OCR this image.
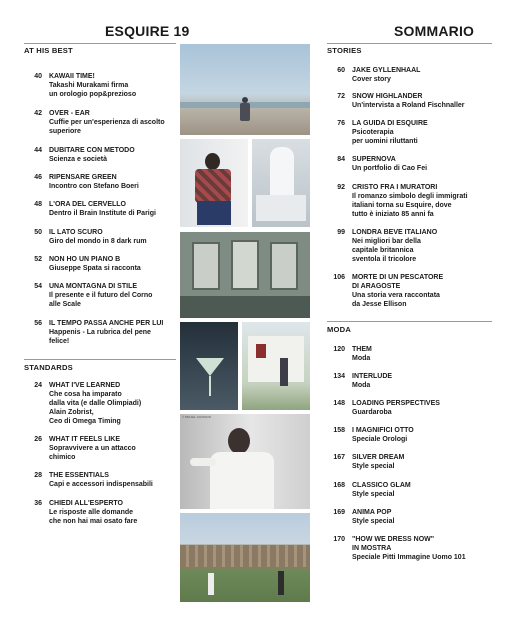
ESQUIRE 19	SOMMARIO
AT HIS BEST
40	KAWAII TIME!
Takashi Murakami firma
un orologio pop&prezioso
42	OVER - EAR
Cuffie per un'esperienza di ascolto
superiore
44	DUBITARE CON METODO
Scienza e società
46	RIPENSARE GREEN
Incontro con Stefano Boeri
48	L'ORA DEL CERVELLO
Dentro il Brain Institute di Parigi
50	IL LATO SCURO
Giro del mondo in 8 dark rum
52	NON HO UN PIANO B
Giuseppe Spata si racconta
54	UNA MONTAGNA DI STILE
Il presente e il futuro del Corno
alle Scale
56	IL TEMPO PASSA ANCHE PER LUI
Happenis - La rubrica del pene
felice!
STANDARDS
24	WHAT I'VE LEARNED
Che cosa ha imparato
dalla vita (e dalle Olimpiadi)
Alain Zobrist,
Ceo di Omega Timing
26	WHAT IT FEELS LIKE
Sopravvivere a un attacco
chimico
28	THE ESSENTIALS
Capi e accessori indispensabili
36	CHIEDI ALL'ESPERTO
Le risposte alle domande
che non hai mai osato fare
© MIKAEL JANSSON
STORIES
60	JAKE GYLLENHAAL
Cover story
72	SNOW HIGHLANDER
Un'intervista a Roland Fischnaller
76	LA GUIDA DI ESQUIRE
Psicoterapia
per uomini riluttanti
84	SUPERNOVA
Un portfolio di Cao Fei
92	CRISTO FRA I MURATORI
Il romanzo simbolo degli immigrati
italiani torna su Esquire, dove
tutto è iniziato 85 anni fa
99	LONDRA BEVE ITALIANO
Nei migliori bar della
capitale britannica
sventola il tricolore
106	MORTE DI UN PESCATORE
DI ARAGOSTE
Una storia vera raccontata
da Jesse Ellison
MODA
120	THEM
Moda
134	INTERLUDE
Moda
148	LOADING PERSPECTIVES
Guardaroba
158	I MAGNIFICI OTTO
Speciale Orologi
167	SILVER DREAM
Style special
168	CLASSICO GLAM
Style special
169	ANIMA POP
Style special
170	"HOW WE DRESS NOW"
IN MOSTRA
Speciale Pitti Immagine Uomo 101
